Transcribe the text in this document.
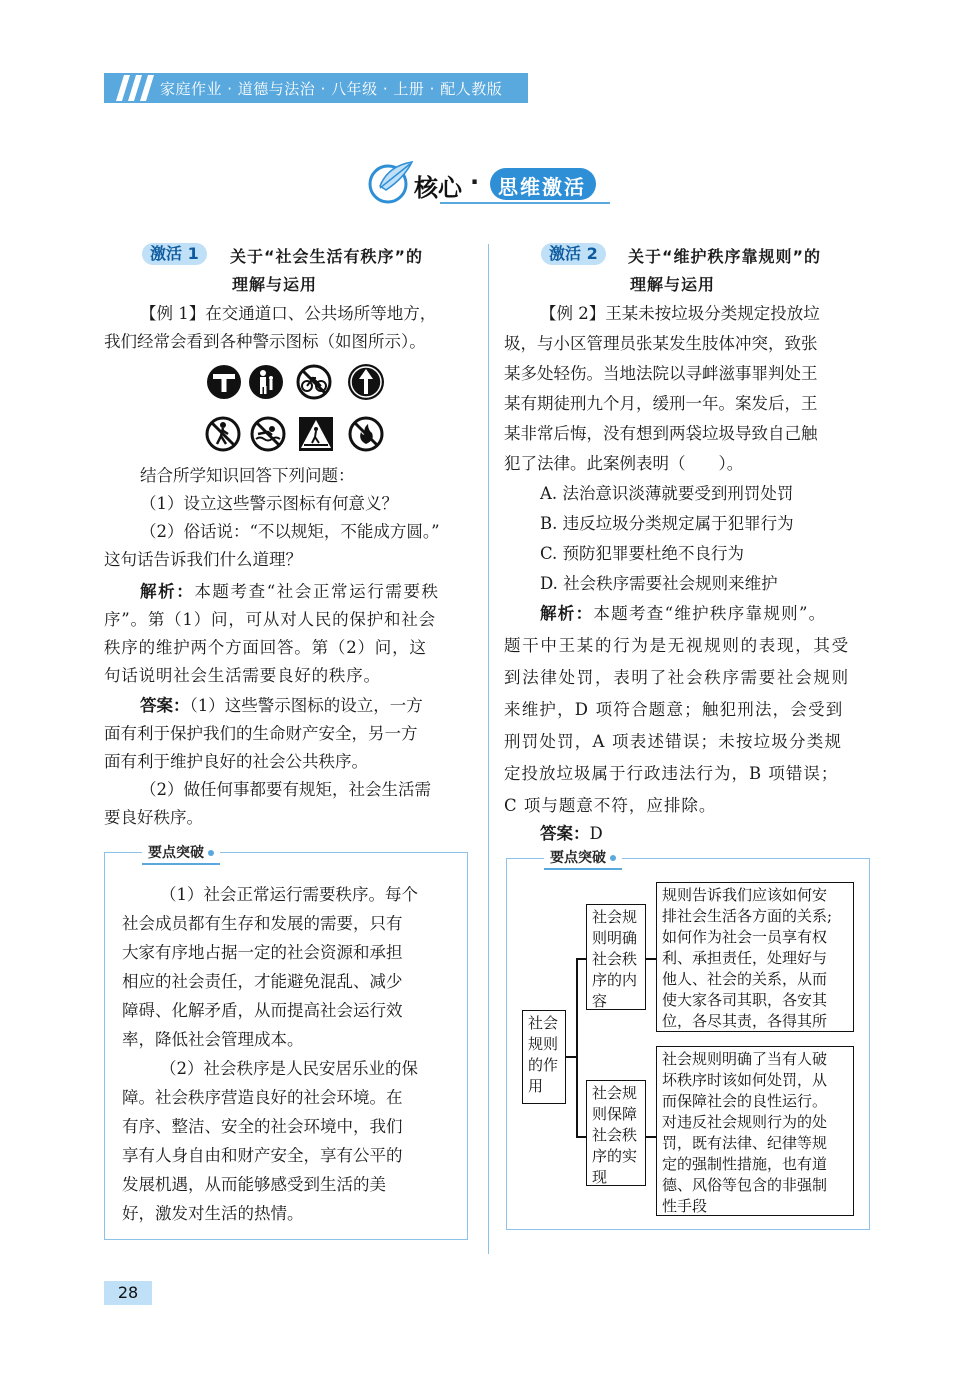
家庭作业 · 道德与法治 · 八年级 · 上册 · 配人教版
核心 · 思维激活
激活 1	关于“社会生活有秩序”的
理解与运用
【例 1】在交通道口、公共场所等地方，
我们经常会看到各种警示图标（如图所示）。
结合所学知识回答下列问题：
（1）设立这些警示图标有何意义？
（2）俗话说：“不以规矩，不能成方圆。”
这句话告诉我们什么道理？
解析：本题考查“社会正常运行需要秩
序”。第（1）问，可从对人民的保护和社会
秩序的维护两个方面回答。第（2）问，这
句话说明社会生活需要良好的秩序。
答案：（1）这些警示图标的设立，一方
面有利于保护我们的生命财产安全，另一方
面有利于维护良好的社会公共秩序。
（2）做任何事都要有规矩，社会生活需
要良好秩序。
要点突破
（1）社会正常运行需要秩序。每个
社会成员都有生存和发展的需要，只有
大家有序地占据一定的社会资源和承担
相应的社会责任，才能避免混乱、减少
障碍、化解矛盾，从而提高社会运行效
率，降低社会管理成本。
（2）社会秩序是人民安居乐业的保
障。社会秩序营造良好的社会环境。在
有序、整洁、安全的社会环境中，我们
享有人身自由和财产安全，享有公平的
发展机遇，从而能够感受到生活的美
好，激发对生活的热情。
激活 2	关于“维护秩序靠规则”的
理解与运用
【例 2】王某未按垃圾分类规定投放垃
圾，与小区管理员张某发生肢体冲突，致张
某多处轻伤。当地法院以寻衅滋事罪判处王
某有期徒刑九个月，缓刑一年。案发后，王
某非常后悔，没有想到两袋垃圾导致自己触
犯了法律。此案例表明（　　）。
A. 法治意识淡薄就要受到刑罚处罚
B. 违反垃圾分类规定属于犯罪行为
C. 预防犯罪要杜绝不良行为
D. 社会秩序需要社会规则来维护
解析：本题考查“维护秩序靠规则”。
题干中王某的行为是无视规则的表现，其受
到法律处罚，表明了社会秩序需要社会规则
来维护，D 项符合题意；触犯刑法，会受到
刑罚处罚，A 项表述错误；未按垃圾分类规
定投放垃圾属于行政违法行为，B 项错误；
C 项与题意不符，应排除。
答案：D
要点突破
社会
规则
的作
用
社会规
则明确
社会秩
序的内
容
规则告诉我们应该如何安
排社会生活各方面的关系;
如何作为社会一员享有权
利、承担责任，处理好与
他人、社会的关系，从而
使大家各司其职，各安其
位，各尽其责，各得其所
社会规
则保障
社会秩
序的实
现
社会规则明确了当有人破
坏秩序时该如何处罚，从
而保障社会的良性运行。
对违反社会规则行为的处
罚，既有法律、纪律等规
定的强制性措施，也有道
德、风俗等包含的非强制
性手段
28
